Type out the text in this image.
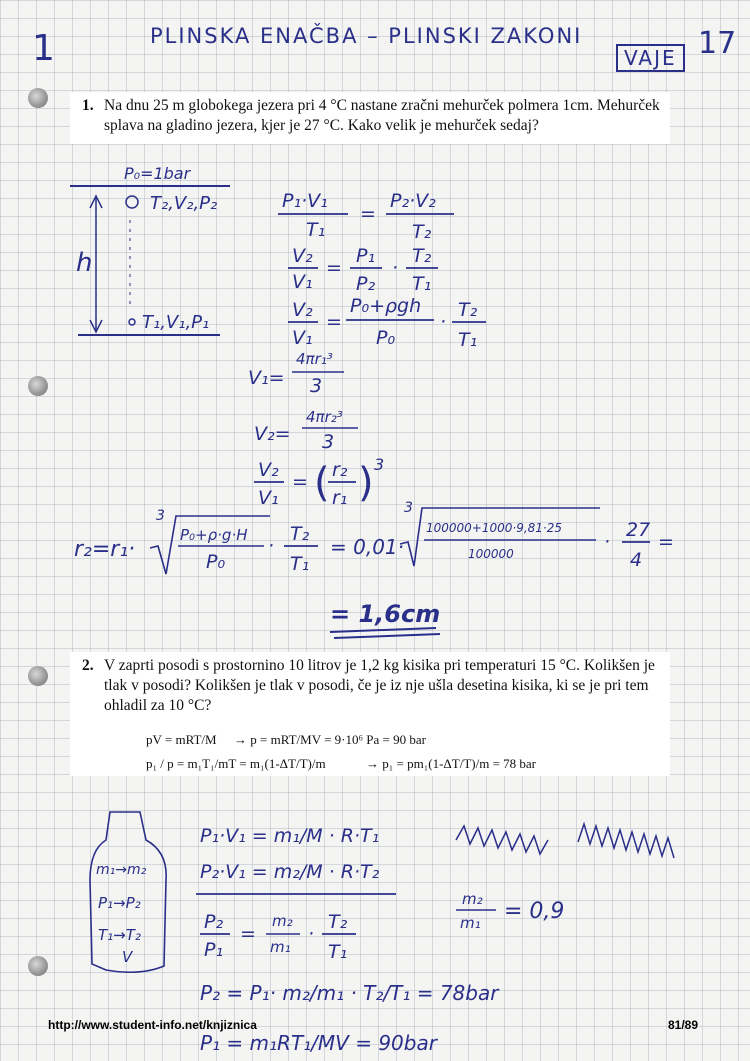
1	PLINSKA ENAČBA – PLINSKI ZAKONI
VAJE 17
1. Na dnu 25 m globokega jezera pri 4 °C nastane zračni mehurček polmera 1cm. Mehurček splava na gladino jezera, kjer je 27 °C. Kako velik je mehurček sedaj?
P₀=1bar
T₂,V₂,P₂
T₁,V₁,P₁
h
P₁·V₁
T₁
=
P₂·V₂
T₂
V₂
V₁
=
P₁
P₂
·
T₂
T₁
V₂
V₁
=
P₀+ρgh
P₀
·
T₂
T₁
V₁=
4πr₁³
3
V₂=
4πr₂³
3
V₂
V₁
= ( r₂
r₁ ) 3
r₂=r₁·
3
P₀+ρ·g·H
P₀
·
T₂
T₁
= 0,01·
3
100000+1000·9,81·25
100000
·
27
4
=
= 1,6cm
2. V zaprti posodi s prostornino 10 litrov je 1,2 kg kisika pri temperaturi 15 °C. Kolikšen je tlak v posodi? Kolikšen je tlak v posodi, če je iz nje ušla desetina kisika, ki se je pri tem ohladil za 10 °C?
pV = mRT/M → p = mRT/MV = 9·10⁶ Pa = 90 bar
p₁ / p = m₁T₁/mT = m₁(1-ΔT/T)/m	→ p₁ = pm₁(1-ΔT/T)/m = 78 bar
m₁→m₂
P₁→P₂
T₁→T₂
V
P₁·V₁ = m₁/M · R·T₁
P₂·V₁ = m₂/M · R·T₂
P₂
P₁
=
m₂
m₁
·
T₂
T₁
P₂ = P₁· m₂/m₁ · T₂/T₁ = 78bar
P₁ = m₁RT₁/MV = 90bar
m₂
m₁ = 0,9
http://www.student-info.net/knjiznica	81/89
